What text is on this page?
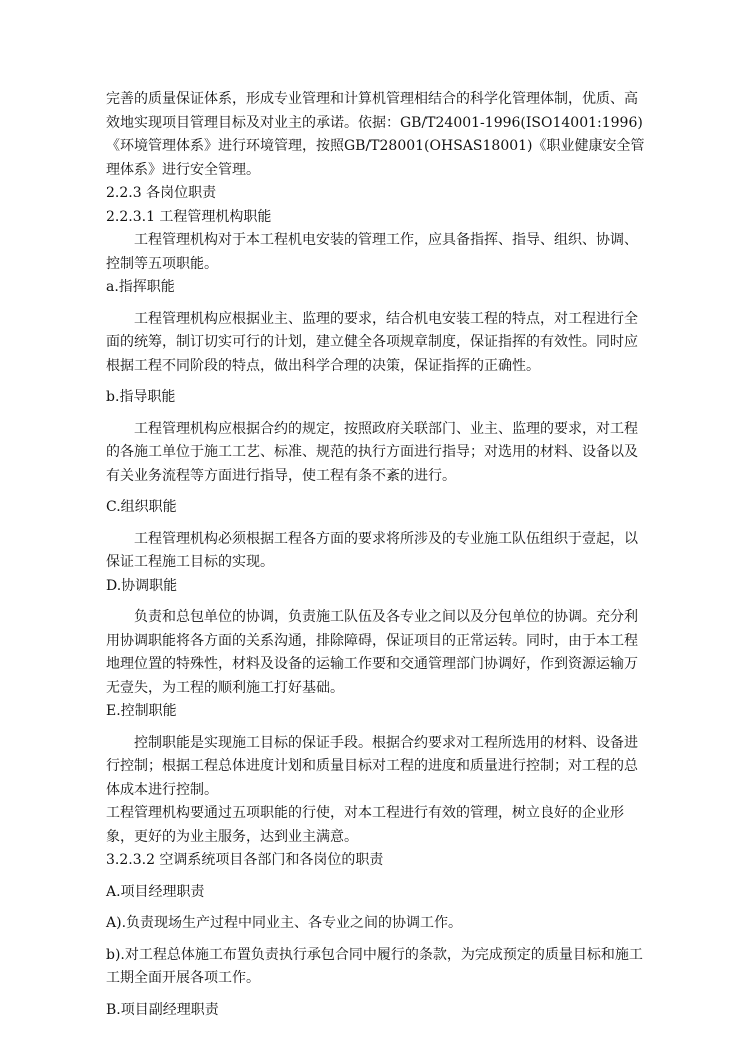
完善的质量保证体系，形成专业管理和计算机管理相结合的科学化管理体制，优质、高效地实现项目管理目标及对业主的承诺。依据：GB/T24001-1996(ISO14001:1996)《环境管理体系》进行环境管理，按照GB/T28001(OHSAS18001)《职业健康安全管理体系》进行安全管理。

2.2.3 各岗位职责

2.2.3.1 工程管理机构职能

工程管理机构对于本工程机电安装的管理工作，应具备指挥、指导、组织、协调、控制等五项职能。

a.指挥职能

工程管理机构应根据业主、监理的要求，结合机电安装工程的特点，对工程进行全面的统筹，制订切实可行的计划，建立健全各项规章制度，保证指挥的有效性。同时应根据工程不同阶段的特点，做出科学合理的决策，保证指挥的正确性。

b.指导职能

工程管理机构应根据合约的规定，按照政府关联部门、业主、监理的要求，对工程的各施工单位于施工工艺、标准、规范的执行方面进行指导；对选用的材料、设备以及有关业务流程等方面进行指导，使工程有条不紊的进行。

C.组织职能

工程管理机构必须根据工程各方面的要求将所涉及的专业施工队伍组织于壹起，以保证工程施工目标的实现。

D.协调职能

负责和总包单位的协调，负责施工队伍及各专业之间以及分包单位的协调。充分利用协调职能将各方面的关系沟通，排除障碍，保证项目的正常运转。同时，由于本工程地理位置的特殊性，材料及设备的运输工作要和交通管理部门协调好，作到资源运输万无壹失，为工程的顺利施工打好基础。

E.控制职能

控制职能是实现施工目标的保证手段。根据合约要求对工程所选用的材料、设备进行控制；根据工程总体进度计划和质量目标对工程的进度和质量进行控制；对工程的总体成本进行控制。

工程管理机构要通过五项职能的行使，对本工程进行有效的管理，树立良好的企业形象，更好的为业主服务，达到业主满意。

3.2.3.2 空调系统项目各部门和各岗位的职责

A.项目经理职责

A).负责现场生产过程中同业主、各专业之间的协调工作。

b).对工程总体施工布置负责执行承包合同中履行的条款，为完成预定的质量目标和施工工期全面开展各项工作。

B.项目副经理职责
